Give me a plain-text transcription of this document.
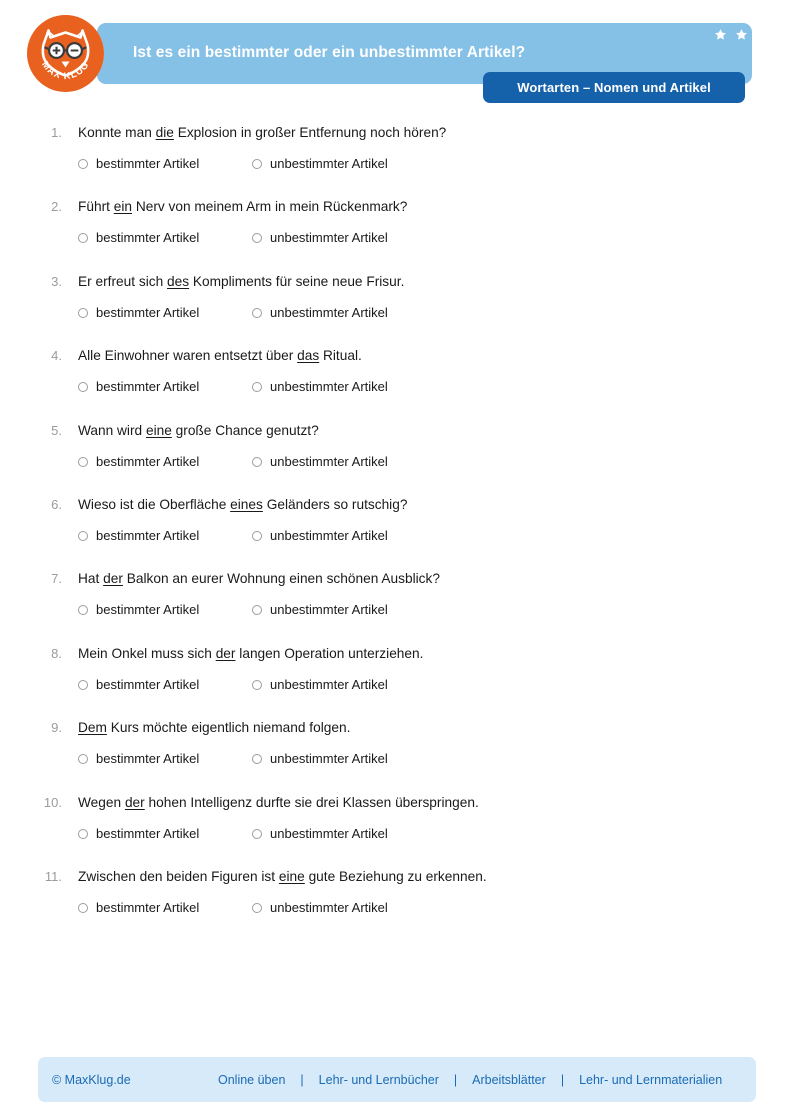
Ist es ein bestimmter oder ein unbestimmter Artikel?
Wortarten – Nomen und Artikel
MAX KLUG
1. Konnte man die Explosion in großer Entfernung noch hören?
bestimmter Artikel	unbestimmter Artikel
2. Führt ein Nerv von meinem Arm in mein Rückenmark?
bestimmter Artikel	unbestimmter Artikel
3. Er erfreut sich des Kompliments für seine neue Frisur.
bestimmter Artikel	unbestimmter Artikel
4. Alle Einwohner waren entsetzt über das Ritual.
bestimmter Artikel	unbestimmter Artikel
5. Wann wird eine große Chance genutzt?
bestimmter Artikel	unbestimmter Artikel
6. Wieso ist die Oberfläche eines Geländers so rutschig?
bestimmter Artikel	unbestimmter Artikel
7. Hat der Balkon an eurer Wohnung einen schönen Ausblick?
bestimmter Artikel	unbestimmter Artikel
8. Mein Onkel muss sich der langen Operation unterziehen.
bestimmter Artikel	unbestimmter Artikel
9. Dem Kurs möchte eigentlich niemand folgen.
bestimmter Artikel	unbestimmter Artikel
10. Wegen der hohen Intelligenz durfte sie drei Klassen überspringen.
bestimmter Artikel	unbestimmter Artikel
11. Zwischen den beiden Figuren ist eine gute Beziehung zu erkennen.
bestimmter Artikel	unbestimmter Artikel
© MaxKlug.de	Online üben	|	Lehr- und Lernbücher	|	Arbeitsblätter	|	Lehr- und Lernmaterialien
